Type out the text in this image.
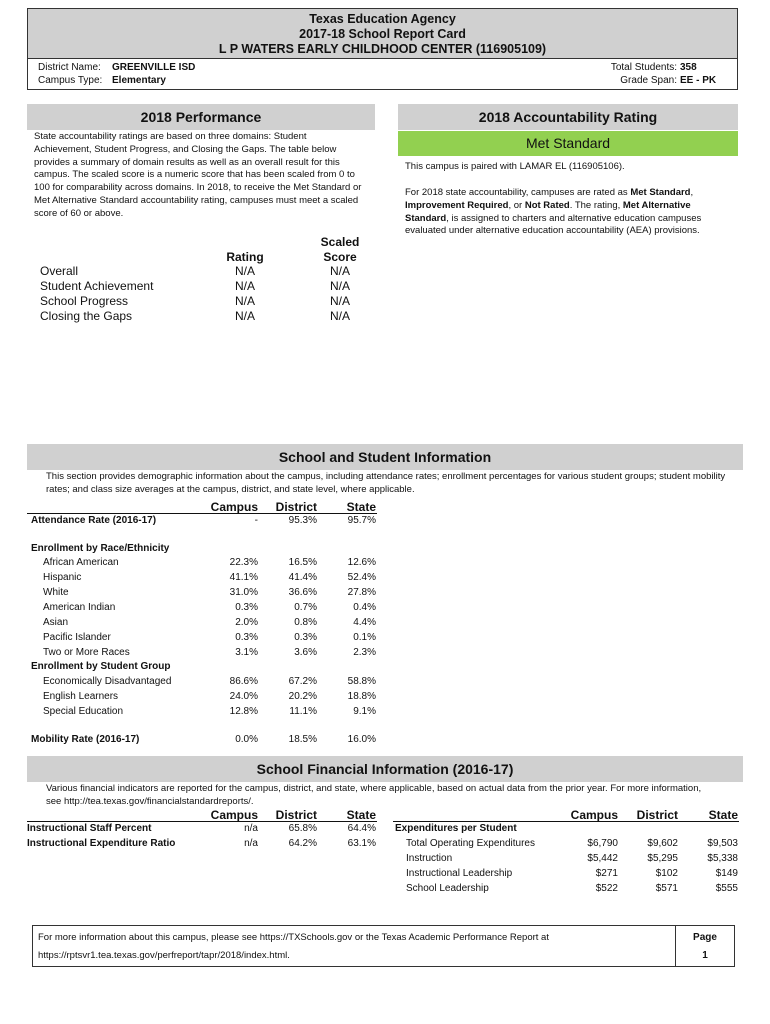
Texas Education Agency
2017-18 School Report Card
L P WATERS EARLY CHILDHOOD CENTER (116905109)
District Name: GREENVILLE ISD
Campus Type: Elementary
Total Students: 358
Grade Span: EE - PK
2018 Performance
State accountability ratings are based on three domains: Student Achievement, Student Progress, and Closing the Gaps. The table below provides a summary of domain results as well as an overall result for this campus. The scaled score is a numeric score that has been scaled from 0 to 100 for comparability across domains. In 2018, to receive the Met Standard or Met Alternative Standard accountability rating, campuses must meet a scaled score of 60 or above.
Rating
Scaled
Score
Overall	N/A	N/A
Student Achievement	N/A	N/A
School Progress	N/A	N/A
Closing the Gaps	N/A	N/A
2018 Accountability Rating
Met Standard
This campus is paired with LAMAR EL (116905106).
For 2018 state accountability, campuses are rated as Met Standard, Improvement Required, or Not Rated. The rating, Met Alternative Standard, is assigned to charters and alternative education campuses evaluated under alternative education accountability (AEA) provisions.
School and Student Information
This section provides demographic information about the campus, including attendance rates; enrollment percentages for various student groups; student mobility rates; and class size averages at the campus, district, and state level, where applicable.
Campus	District	State
Attendance Rate (2016-17)	-	95.3%	95.7%
Enrollment by Race/Ethnicity
African American	22.3%	16.5%	12.6%
Hispanic	41.1%	41.4%	52.4%
White	31.0%	36.6%	27.8%
American Indian	0.3%	0.7%	0.4%
Asian	2.0%	0.8%	4.4%
Pacific Islander	0.3%	0.3%	0.1%
Two or More Races	3.1%	3.6%	2.3%
Enrollment by Student Group
Economically Disadvantaged	86.6%	67.2%	58.8%
English Learners	24.0%	20.2%	18.8%
Special Education	12.8%	11.1%	9.1%
Mobility Rate (2016-17)	0.0%	18.5%	16.0%
School Financial Information (2016-17)
Various financial indicators are reported for the campus, district, and state, where applicable, based on actual data from the prior year. For more information, see http://tea.texas.gov/financialstandardreports/.
Campus	District	State
Instructional Staff Percent	n/a	65.8%	64.4%
Instructional Expenditure Ratio	n/a	64.2%	63.1%
Campus	District	State
Expenditures per Student
Total Operating Expenditures	$6,790	$9,602	$9,503
Instruction	$5,442	$5,295	$5,338
Instructional Leadership	$271	$102	$149
School Leadership	$522	$571	$555
For more information about this campus, please see https://TXSchools.gov or the Texas Academic Performance Report at
https://rptsvr1.tea.texas.gov/perfreport/tapr/2018/index.html.
Page
1
